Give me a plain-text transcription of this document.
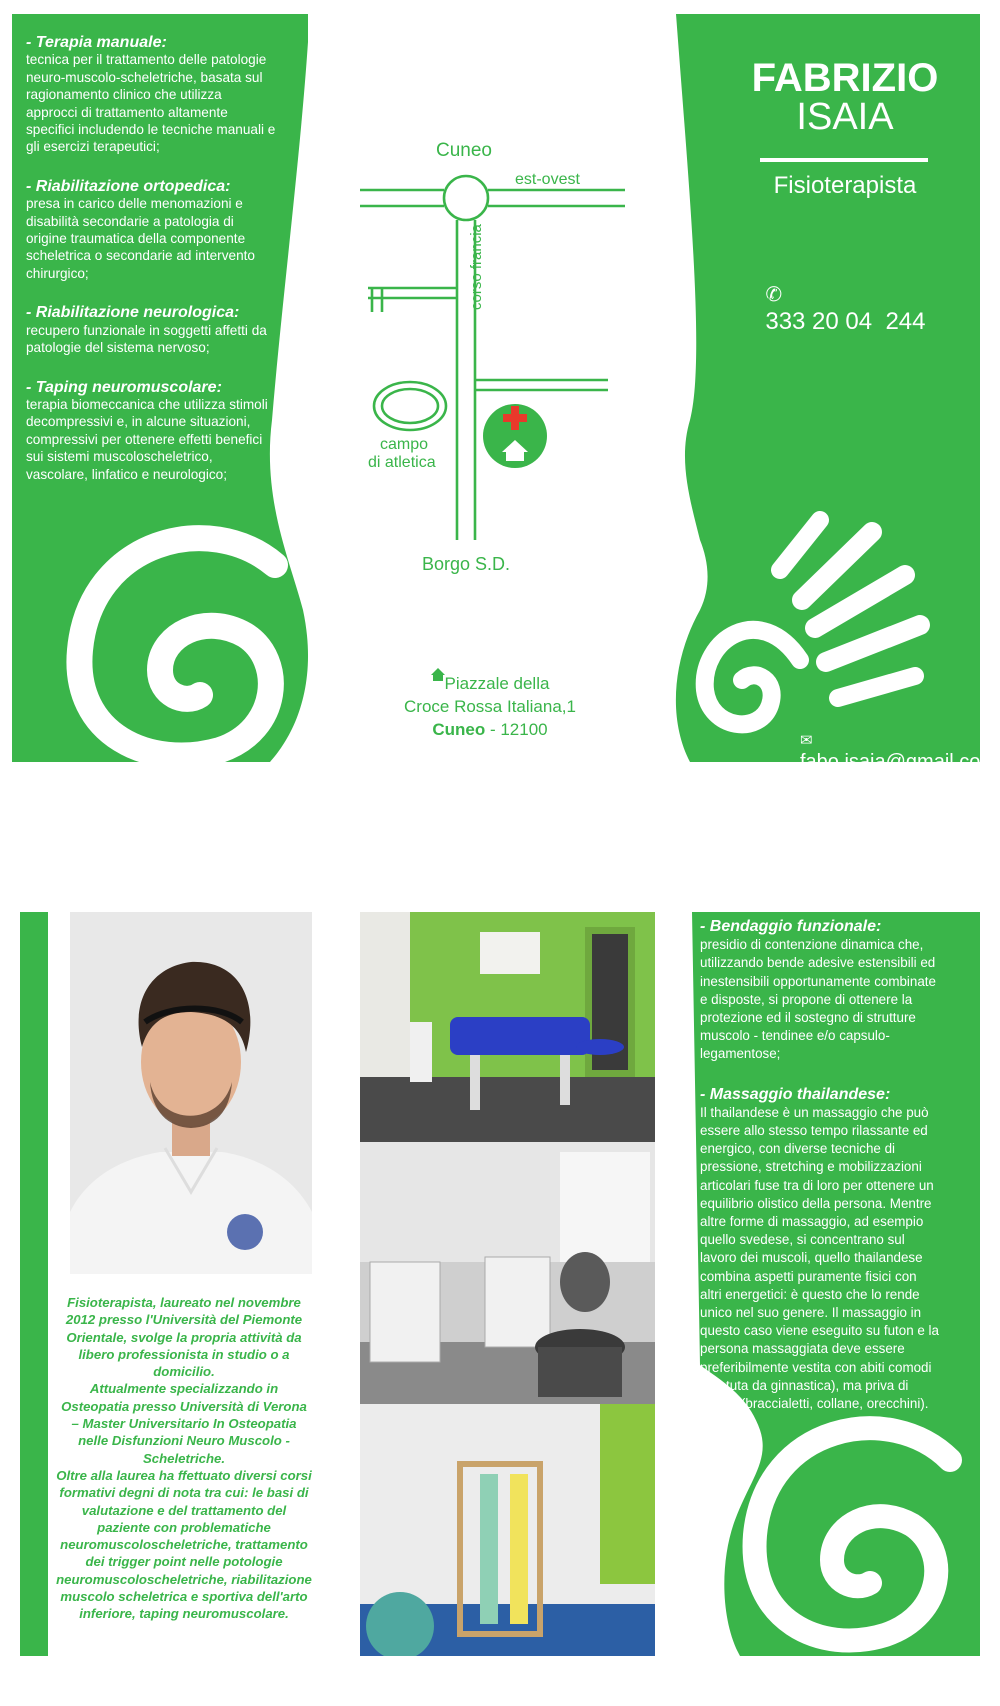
- Terapia manuale:
tecnica per il trattamento delle patologie neuro-muscolo-scheletriche, basata sul ragionamento clinico che utilizza approcci di trattamento altamente specifici includendo le tecniche manuali e gli esercizi terapeutici;

- Riabilitazione ortopedica:
presa in carico delle menomazioni e disabilità secondarie a patologia di origine traumatica della componente scheletrica o secondarie ad intervento chirurgico;

- Riabilitazione neurologica:
recupero funzionale in soggetti affetti da patologie del sistema nervoso;

- Taping neuromuscolare:
terapia biomeccanica che utilizza stimoli decompressivi e, in alcune situazioni, compressivi per ottenere effetti benefici sui sistemi muscoloscheletrico, vascolare, linfatico e neurologico;

Cuneo
est-ovest
corso francia
campo
di atletica
Borgo S.D.
Piazzale della
Croce Rossa Italiana,1
Cuneo - 12100
FABRIZIO
ISAIA
Fisioterapista

✆
333 20 04  244

✉ fabo.isaia@gmail.com
Fisioterapista, laureato nel novembre 2012 presso l'Università del Piemonte Orientale, svolge la propria attività da libero professionista in studio o a domicilio.
Attualmente specializzando in Osteopatia presso Università di Verona – Master Universitario In Osteopatia nelle Disfunzioni Neuro Muscolo - Scheletriche.
Oltre alla laurea ha ffettuato diversi corsi formativi degni di nota tra cui: le basi di valutazione e del trattamento del paziente con problematiche neuromuscoloscheletriche, trattamento dei trigger point nelle potologie neuromuscoloscheletriche, riabilitazione muscolo scheletrica e sportiva dell'arto inferiore, taping neuromuscolare.

- Bendaggio funzionale:
presidio di contenzione dinamica che, utilizzando bende adesive estensibili ed inestensibili opportunamente combinate e disposte, si propone di ottenere la protezione ed il sostegno di strutture muscolo - tendinee e/o capsulo-legamentose;

- Massaggio thailandese:
Il thailandese è un massaggio che può essere allo stesso tempo rilassante ed energico, con diverse tecniche di pressione, stretching e mobilizzazioni articolari fuse tra di loro per ottenere un equilibrio olistico della persona. Mentre altre forme di massaggio, ad esempio quello svedese, si concentrano sul lavoro dei muscoli, quello thailandese combina aspetti puramente fisici con altri energetici: è questo che lo rende unico nel suo genere. Il massaggio in questo caso viene eseguito su futon e la persona massaggiata deve essere preferibilmente vestita con abiti comodi (es. tuta da ginnastica), ma priva di gioielli (braccialetti, collane, orecchini).
